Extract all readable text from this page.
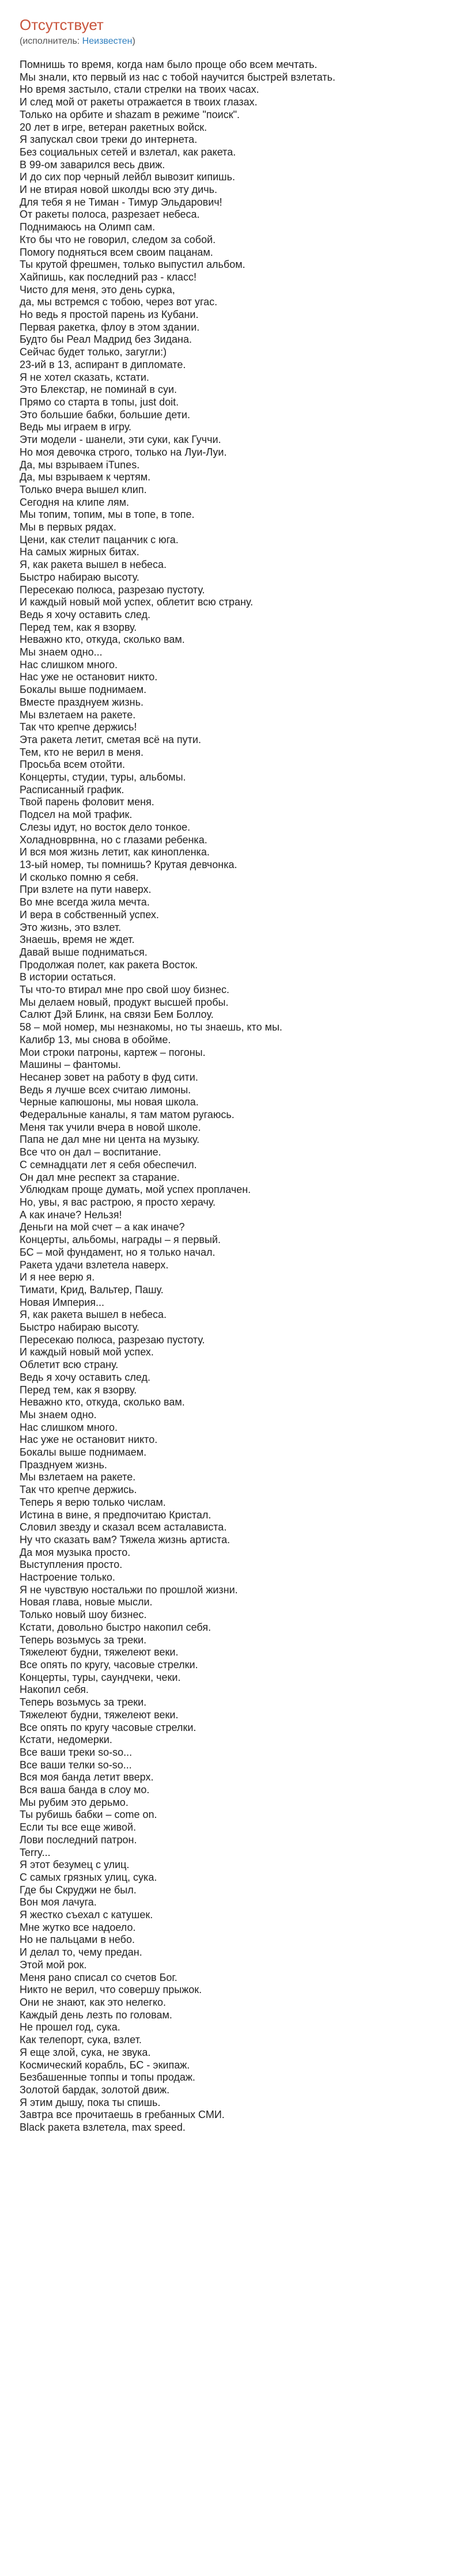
Отсутствует
(исполнитель: Неизвестен)
Помнишь то время, когда нам было проще обо всем мечтать.
Мы знали, кто первый из нас с тобой научится быстрей взлетать.
Но время застыло, стали стрелки на твоих часах.
И след мой от ракеты отражается в твоих глазах.
Только на орбите и shazam в режиме "поиск".
20 лет в игре, ветеран ракетных войск.
Я запускал свои треки до интернета.
Без социальных сетей и взлетал, как ракета.
В 99-ом заварился весь движ.
И до сих пор черный лейбл вывозит кипишь.
И не втирая новой школды всю эту дичь.
Для тебя я не Тиман - Тимур Эльдарович!
От ракеты полоса, разрезает небеса.
Поднимаюсь на Олимп сам.
Кто бы что не говорил, следом за собой.
Помогу подняться всем своим пацанам.
Ты крутой фрешмен, только выпустил альбом.
Хайпишь, как последний раз - класс!
Чисто для меня, это день сурка,
да, мы встремся с тобою, через вот угас.
Но ведь я простой парень из Кубани.
Первая ракетка, флоу в этом здании.
Будто бы Реал Мадрид без Зидана.
Сейчас будет только, загугли:)
23-ий в 13, аспирант в дипломате.
Я не хотел сказать, кстати.
Это Блекстар, не поминай в суи.
Прямо со старта в топы, just doit.
Это большие бабки, большие дети.
Ведь мы играем в игру.
Эти модели - шанели, эти суки, как Гуччи.
Но моя девочка строго, только на Луи-Луи.
Да, мы взрываем iTunes.
Да, мы взрываем к чертям.
Только вчера вышел клип.
Сегодня на клипе лям.
Мы топим, топим, мы в топе, в топе.
Мы в первых рядах.
Цени, как стелит пацанчик с юга.
На самых жирных битах.
Я, как ракета вышел в небеса.
Быстро набираю высоту.
Пересекаю полюса, разрезаю пустоту.
И каждый новый мой успех, облетит всю страну.
Ведь я хочу оставить след.
Перед тем, как я взорву.
Неважно кто, откуда, сколько вам.
Мы знаем одно...
Нас слишком много.
Нас уже не остановит никто.
Бокалы выше поднимаем.
Вместе празднуем жизнь.
Мы взлетаем на ракете.
Так что крепче держись!
Эта ракета летит, сметая всё на пути.
Тем, кто не верил в меня.
Просьба всем отойти.
Концерты, студии, туры, альбомы.
Расписанный график.
Твой парень фоловит меня.
Подсел на мой трафик.
Слезы идут, но восток дело тонкое.
Холадноврвнна, но с глазами ребенка.
И вся моя жизнь летит, как кинопленка.
13-ый номер, ты помнишь? Крутая девчонка.
И сколько помню я себя.
При взлете на пути наверх.
Во мне всегда жила мечта.
И вера в собственный успех.
Это жизнь, это взлет.
Знаешь, время не ждет.
Давай выше подниматься.
Продолжая полет, как ракета Восток.
В истории остаться.
Ты что-то втирал мне про свой шоу бизнес.
Мы делаем новый, продукт высшей пробы.
Салют Дэй Блинк, на связи Бем Боллоу.
58 – мой номер, мы незнакомы, но ты знаешь, кто мы.
Калибр 13, мы снова в обойме.
Мои строки патроны, картеж – погоны.
Машины – фантомы.
Несанер зовет на работу в фуд сити.
Ведь я лучше всех считаю лимоны.
Черные капюшоны, мы новая школа.
Федеральные каналы, я там матом ругаюсь.
Меня так учили вчера в новой школе.
Папа не дал мне ни цента на музыку.
Все что он дал – воспитание.
С семнадцати лет я себя обеспечил.
Он дал мне респект за старание.
Ублюдкам проще думать, мой успех проплачен.
Но, увы, я вас растрою, я просто херачу.
А как иначе? Нельзя!
Деньги на мой счет – а как иначе?
Концерты, альбомы, награды – я первый.
БС – мой фундамент, но я только начал.
Ракета удачи взлетела наверх.
И я нее верю я.
Тимати, Крид, Вальтер, Пашу.
Новая Империя...
Я, как ракета вышел в небеса.
Быстро набираю высоту.
Пересекаю полюса, разрезаю пустоту.
И каждый новый мой успех.
Облетит всю страну.
Ведь я хочу оставить след.
Перед тем, как я взорву.
Неважно кто, откуда, сколько вам.
Мы знаем одно.
Нас слишком много.
Нас уже не остановит никто.
Бокалы выше поднимаем.
Празднуем жизнь.
Мы взлетаем на ракете.
Так что крепче держись.
Теперь я верю только числам.
Истина в вине, я предпочитаю Кристал.
Словил звезду и сказал всем асталависта.
Ну что сказать вам? Тяжела жизнь артиста.
Да моя музыка просто.
Выступления просто.
Настроение только.
Я не чувствую ностальжи по прошлой жизни.
Новая глава, новые мысли.
Только новый шоу бизнес.
Кстати, довольно быстро накопил себя.
Теперь возьмусь за треки.
Тяжелеют будни, тяжелеют веки.
Все опять по кругу, часовые стрелки.
Концерты, туры, саундчеки, чеки.
Накопил себя.
Теперь возьмусь за треки.
Тяжелеют будни, тяжелеют веки.
Все опять по кругу часовые стрелки.
Кстати, недомерки.
Все ваши треки so-so...
Все ваши телки so-so...
Вся моя банда летит вверх.
Вся ваша банда в слоу мо.
Мы рубим это дерьмо.
Ты рубишь бабки – come on.
Если ты все еще живой.
Лови последний патрон.
Terry...
Я этот безумец с улиц.
С самых грязных улиц, сука.
Где бы Скруджи не был.
Вон моя лачуга.
Я жестко съехал с катушек.
Мне жутко все надоело.
Но не пальцами в небо.
И делал то, чему предан.
Этой мой рок.
Меня рано списал со счетов Бог.
Никто не верил, что совершу прыжок.
Они не знают, как это нелегко.
Каждый день лезть по головам.
Не прошел год, сука.
Как телепорт, сука, взлет.
Я еще злой, сука, не звука.
Космический корабль, БС - экипаж.
Безбашенные топпы и топы продаж.
Золотой бардак, золотой движ.
Я этим дышу, пока ты спишь.
Завтра все прочитаешь в гребанных СМИ.
Black ракета взлетела, max speed.
